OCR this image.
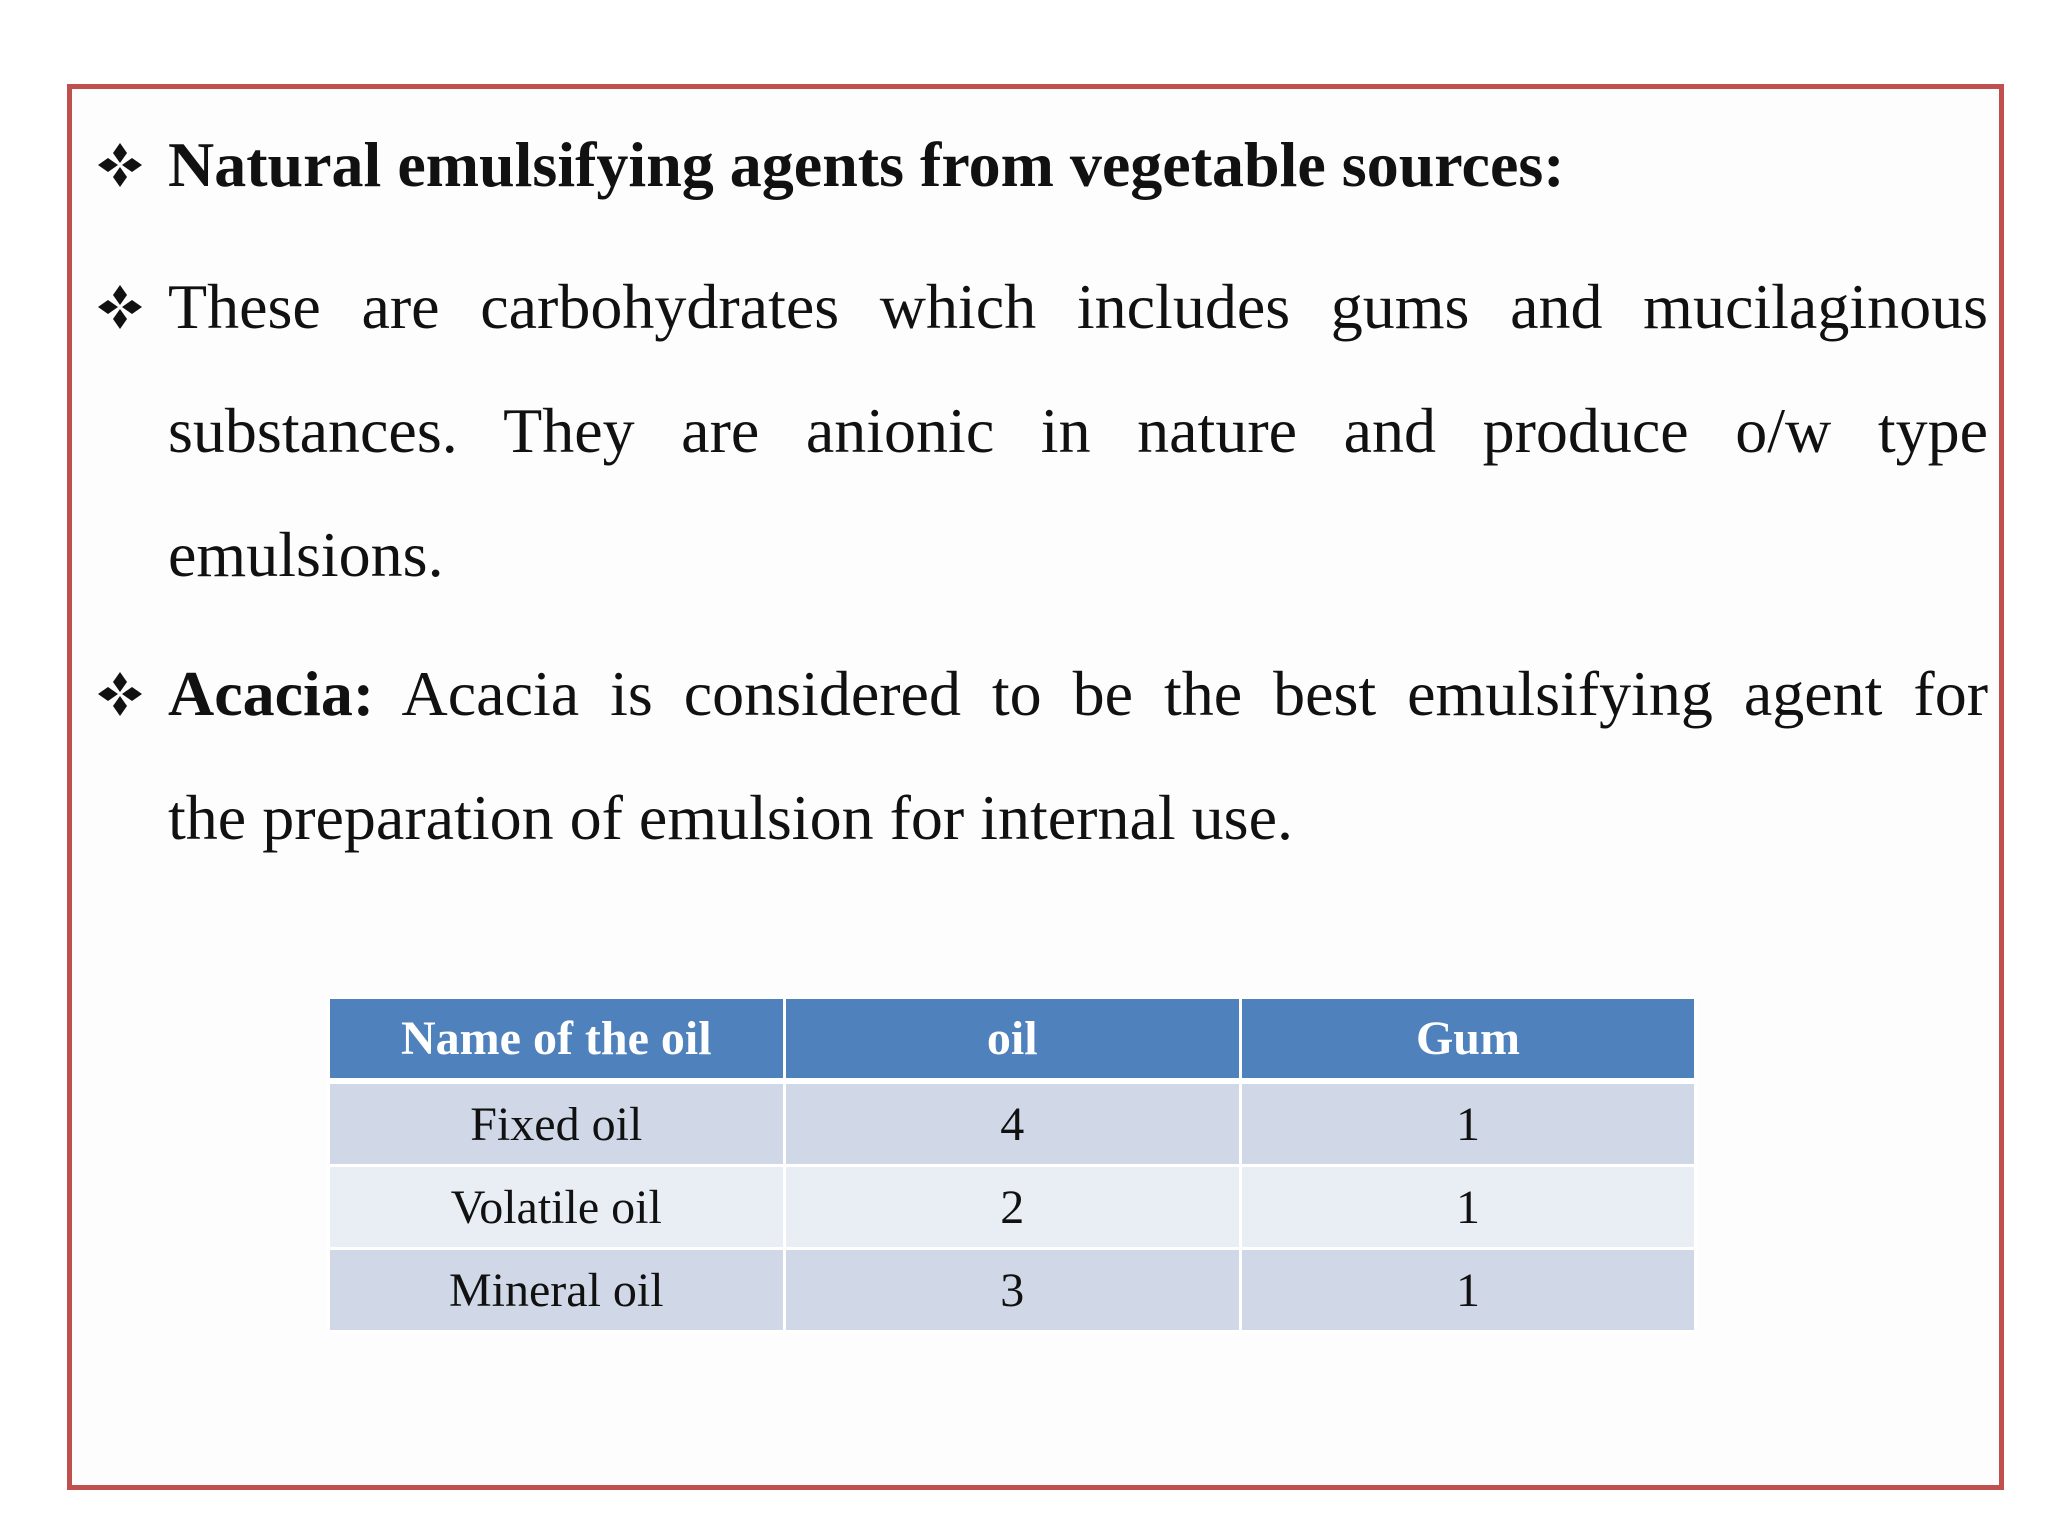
Natural emulsifying agents from vegetable sources:
These are carbohydrates which includes gums and mucilaginous
substances. They are anionic in nature and produce o/w type
emulsions.
Acacia: Acacia is considered to be the best emulsifying agent for
the preparation of emulsion for internal use.
Name of the oil	oil	Gum
Fixed oil	4	1
Volatile oil	2	1
Mineral oil	3	1
